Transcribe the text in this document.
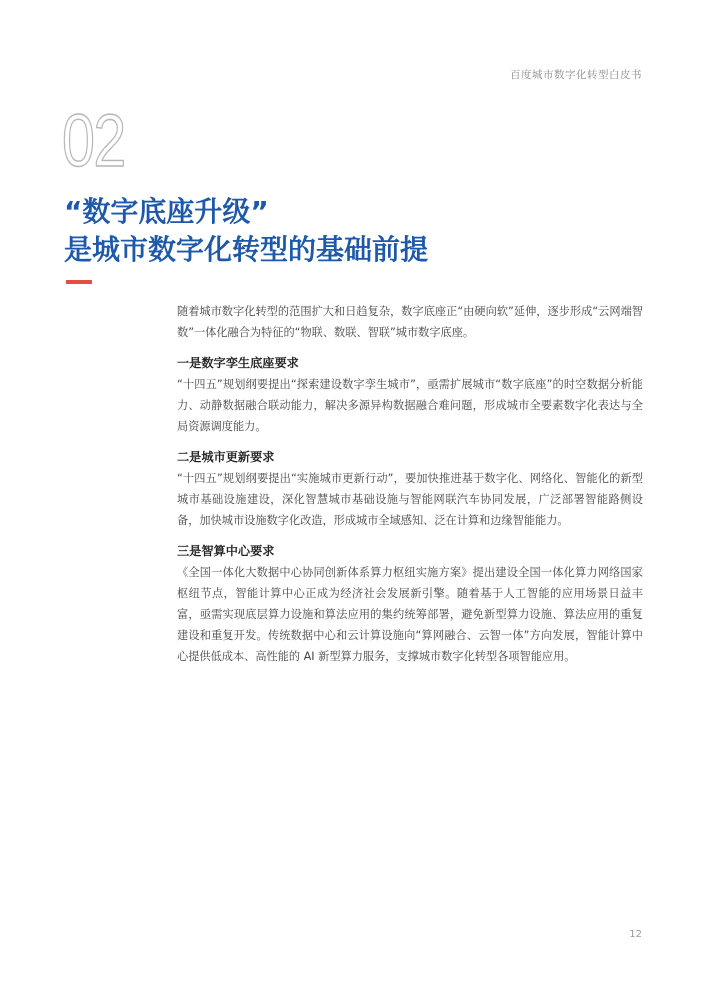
百度城市数字化转型白皮书
02
“数字底座升级”
是城市数字化转型的基础前提

随着城市数字化转型的范围扩大和日趋复杂，数字底座正“由硬向软”延伸，逐步形成“云网端智数”一体化融合为特征的“物联、数联、智联”城市数字底座。

一是数字孪生底座要求

“十四五”规划纲要提出“探索建设数字孪生城市”，亟需扩展城市“数字底座”的时空数据分析能力、动静数据融合联动能力，解决多源异构数据融合难问题，形成城市全要素数字化表达与全局资源调度能力。

二是城市更新要求

“十四五”规划纲要提出“实施城市更新行动”，要加快推进基于数字化、网络化、智能化的新型城市基础设施建设，深化智慧城市基础设施与智能网联汽车协同发展，广泛部署智能路侧设备，加快城市设施数字化改造，形成城市全域感知、泛在计算和边缘智能能力。

三是智算中心要求

《全国一体化大数据中心协同创新体系算力枢纽实施方案》提出建设全国一体化算力网络国家枢纽节点，智能计算中心正成为经济社会发展新引擎。随着基于人工智能的应用场景日益丰富，亟需实现底层算力设施和算法应用的集约统筹部署，避免新型算力设施、算法应用的重复建设和重复开发。传统数据中心和云计算设施向“算网融合、云智一体”方向发展，智能计算中心提供低成本、高性能的 AI 新型算力服务，支撑城市数字化转型各项智能应用。

12
